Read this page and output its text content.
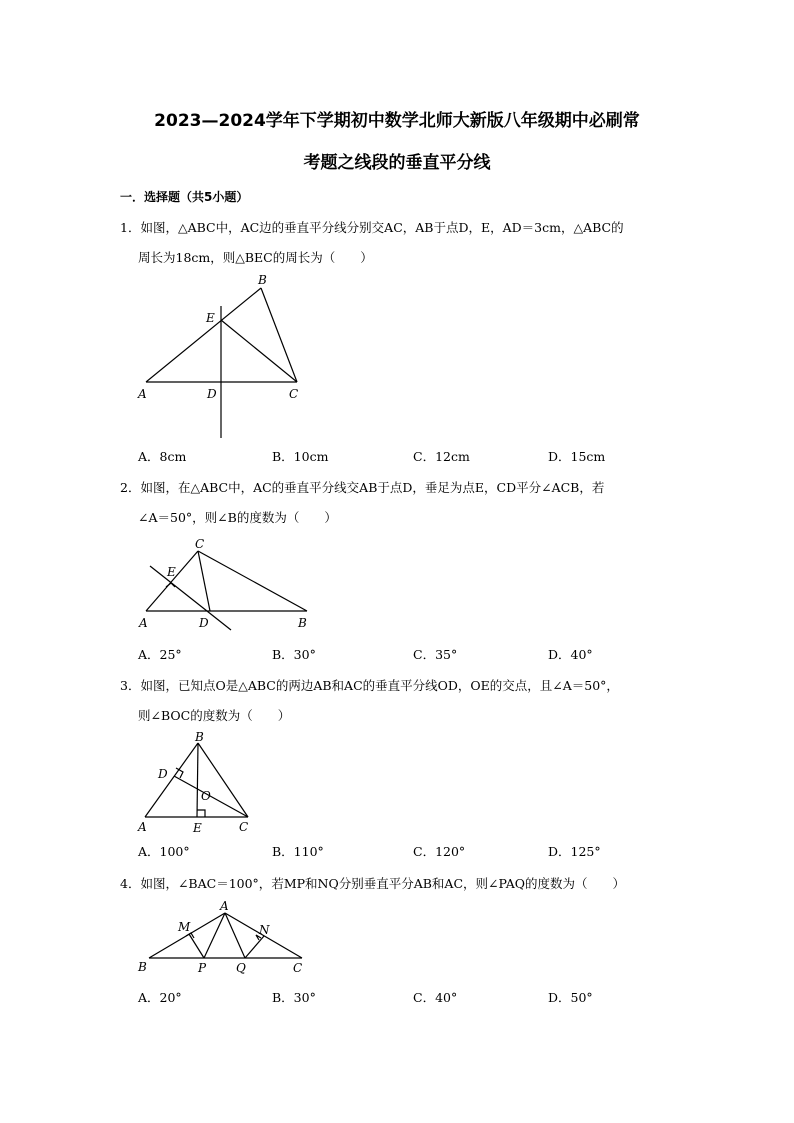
2023—2024学年下学期初中数学北师大新版八年级期中必刷常
考题之线段的垂直平分线
一．选择题（共5小题）
1．如图，△ABC中，AC边的垂直平分线分别交AC，AB于点D，E，AD＝3cm，△ABC的
周长为18cm，则△BEC的周长为（　　）
A
B
C
D
E
A．8cm	B．10cm	C．12cm	D．15cm
2．如图，在△ABC中，AC的垂直平分线交AB于点D，垂足为点E，CD平分∠ACB，若
∠A＝50°，则∠B的度数为（　　）
A	B
C
D
E
A．25°	B．30°	C．35°	D．40°
3．如图，已知点O是△ABC的两边AB和AC的垂直平分线OD，OE的交点，且∠A＝50°，
则∠BOC的度数为（　　）
A
B
C
D
E
O
A．100°	B．110°	C．120°	D．125°
4．如图，∠BAC＝100°，若MP和NQ分别垂直平分AB和AC，则∠PAQ的度数为（　　）
B
A
C
M	N
P Q
A．20°	B．30°	C．40°	D．50°
